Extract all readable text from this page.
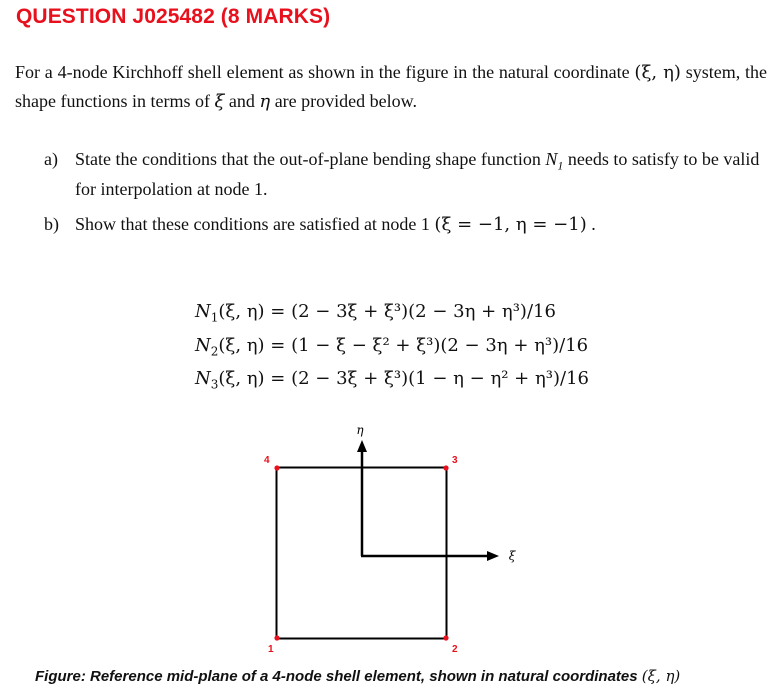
QUESTION J025482 (8 MARKS)
For a 4-node Kirchhoff shell element as shown in the figure in the natural coordinate (ξ, η) system, the shape functions in terms of ξ and η are provided below.
a) State the conditions that the out-of-plane bending shape function $N_1$ needs to satisfy to be valid for interpolation at node 1.
b) Show that these conditions are satisfied at node 1 (ξ = −1, η = −1) .
$N_1(\xi$, η) = (2 − 3ξ + ξ³)(2 − 3η + η³)/16
$N_2(\xi$, η) = (1 − ξ − ξ² + ξ³)(2 − 3η + η³)/16
$N_3(\xi$, η) = (2 − 3ξ + ξ³)(1 − η − η² + η³)/16
η
ξ
1	2
3
4
Figure: Reference mid-plane of a 4-node shell element, shown in natural coordinates (ξ, η)
